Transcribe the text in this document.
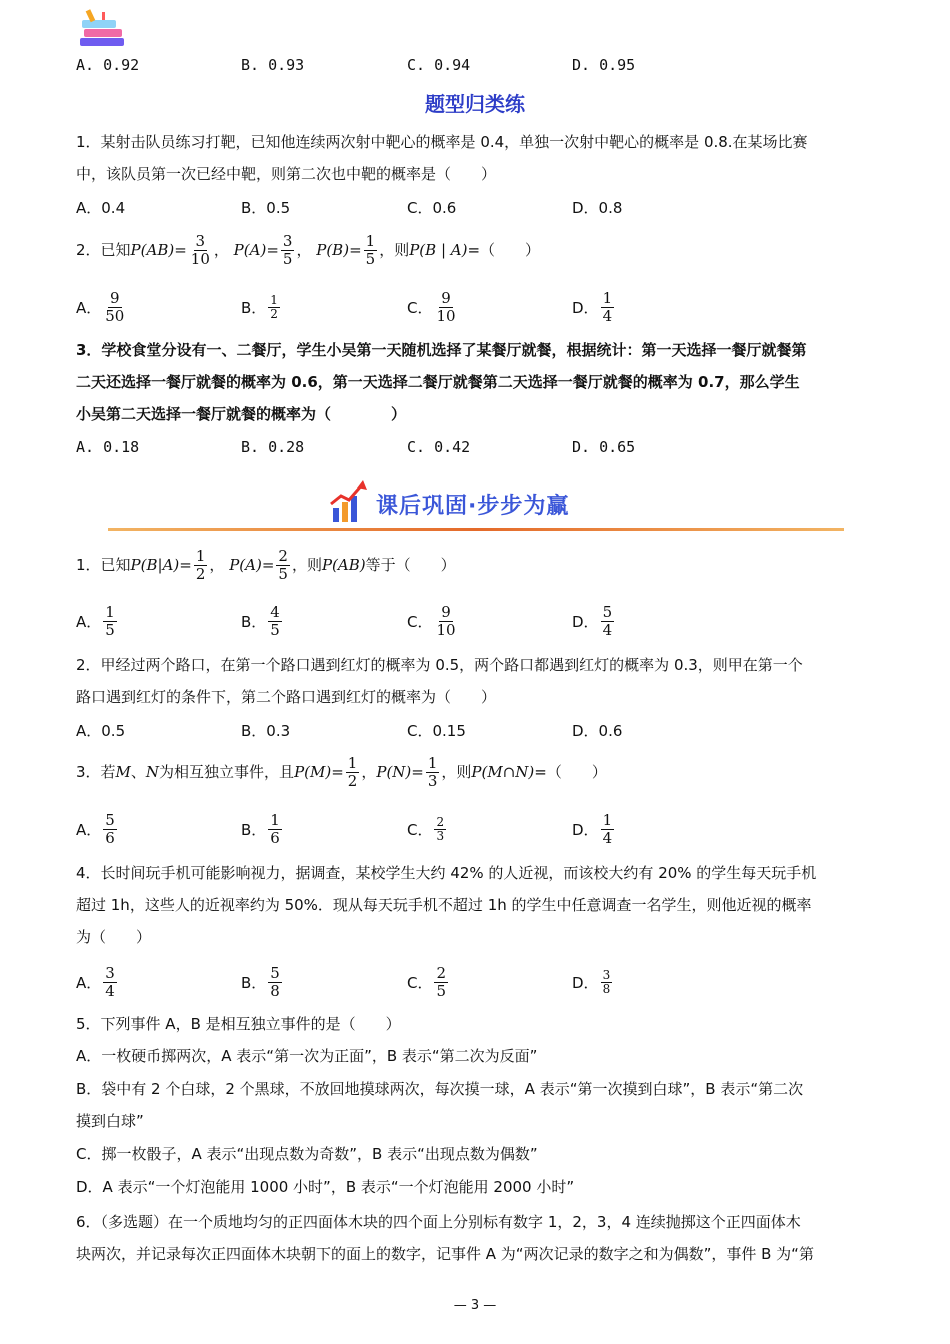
A. 0.92	B. 0.93	C. 0.94	D. 0.95
题型归类练
1．某射击队员练习打靶，已知他连续两次射中靶心的概率是 0.4，单独一次射中靶心的概率是 0.8.在某场比赛
中，该队员第一次已经中靶，则第二次也中靶的概率是（　　）
A．0.4	B．0.5	C．0.6	D．0.8
2．已知$P(AB)= \frac{3}{10}$ ， $P(A)= \frac{3}{5}$ ， $P(B)= \frac{1}{5}$ ，则P(B | A)=（　　）
A． $\frac{9}{50}$	B． $\frac{1}{2}$	C． $\frac{9}{10}$	D． $\frac{1}{4}$
3．学校食堂分设有一、二餐厅，学生小吴第一天随机选择了某餐厅就餐，根据统计：第一天选择一餐厅就餐第
二天还选择一餐厅就餐的概率为 0.6，第一天选择二餐厅就餐第二天选择一餐厅就餐的概率为 0.7，那么学生
小吴第二天选择一餐厅就餐的概率为（　　　　）
A. 0.18	B. 0.28	C. 0.42	D. 0.65
课后巩固·步步为赢
1．已知$P(B|A)= \frac{1}{2}$ ， $P(A)= \frac{2}{5}$ ，则P(AB)等于（　　）
A． $\frac{1}{5}$	B． $\frac{4}{5}$	C． $\frac{9}{10}$	D． $\frac{5}{4}$
2．甲经过两个路口，在第一个路口遇到红灯的概率为 0.5，两个路口都遇到红灯的概率为 0.3，则甲在第一个
路口遇到红灯的条件下，第二个路口遇到红灯的概率为（　　）
A．0.5	B．0.3	C．0.15	D．0.6
3．若M、N为相互独立事件，且$P(M)= \frac{1}{2}$ ，$P(N)= \frac{1}{3}$ ，则P(M∩N)=（　　）
A． $\frac{5}{6}$	B． $\frac{1}{6}$	C． $\frac{2}{3}$	D． $\frac{1}{4}$
4．长时间玩手机可能影响视力，据调查，某校学生大约 42% 的人近视，而该校大约有 20% 的学生每天玩手机
超过 1h，这些人的近视率约为 50%．现从每天玩手机不超过 1h 的学生中任意调查一名学生，则他近视的概率
为（　　）
A． $\frac{3}{4}$	B． $\frac{5}{8}$	C． $\frac{2}{5}$	D． $\frac{3}{8}$
5．下列事件 A，B 是相互独立事件的是（　　）
A．一枚硬币掷两次，A 表示“第一次为正面”，B 表示“第二次为反面”
B．袋中有 2 个白球，2 个黑球，不放回地摸球两次，每次摸一球，A 表示“第一次摸到白球”，B 表示“第二次
摸到白球”
C．掷一枚骰子，A 表示“出现点数为奇数”，B 表示“出现点数为偶数”
D．A 表示“一个灯泡能用 1000 小时”，B 表示“一个灯泡能用 2000 小时”
6．（多选题）在一个质地均匀的正四面体木块的四个面上分别标有数字 1，2，3，4 连续抛掷这个正四面体木
块两次，并记录每次正四面体木块朝下的面上的数字，记事件 A 为“两次记录的数字之和为偶数”，事件 B 为“第
— 3 —
